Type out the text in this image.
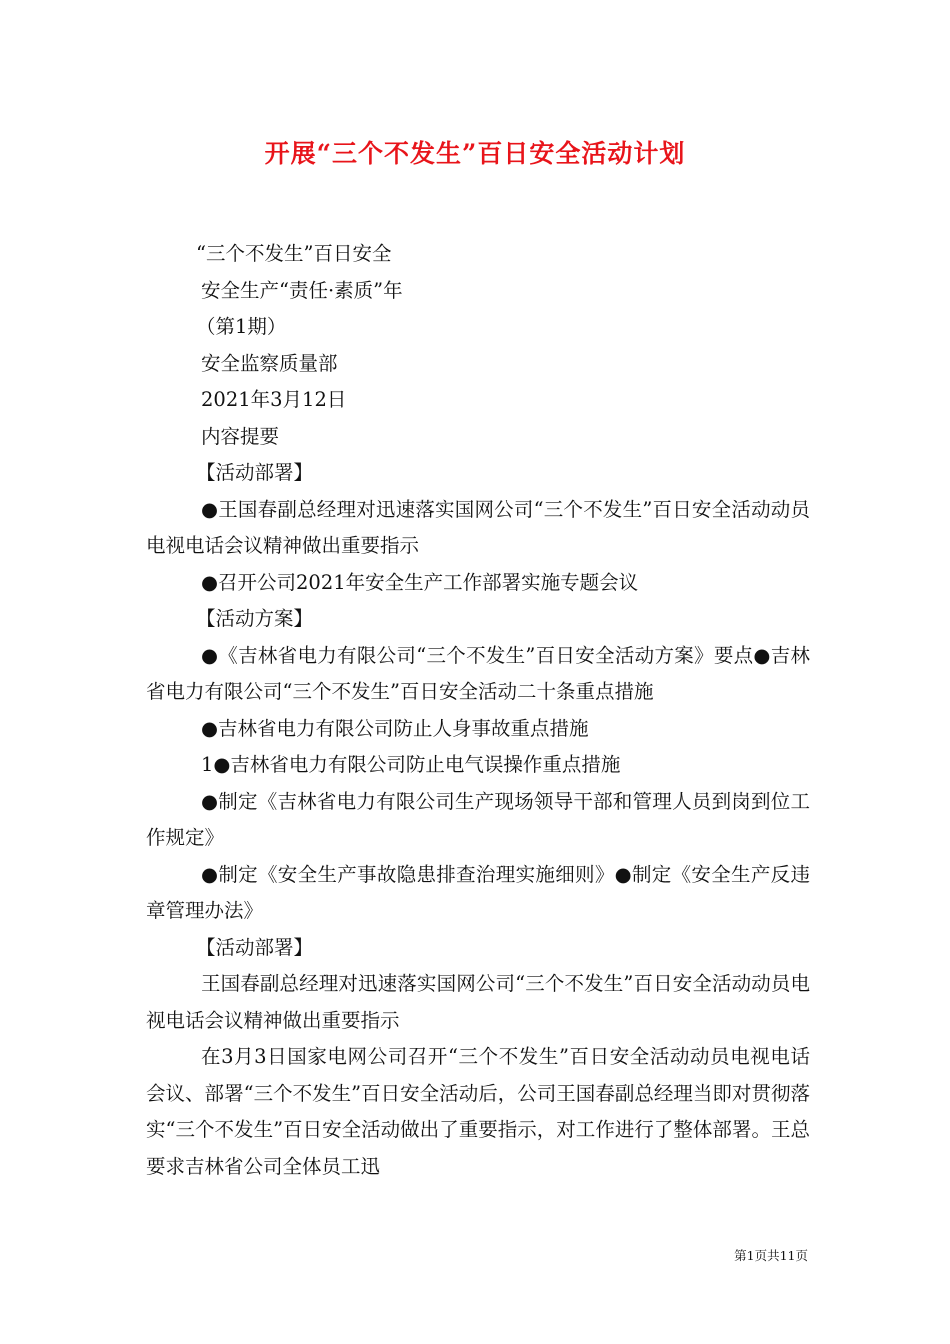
开展“三个不发生”百日安全活动计划

“三个不发生”百日安全

安全生产“责任·素质”年

（第1期）

安全监察质量部

2021年3月12日

内容提要

【活动部署】

●王国春副总经理对迅速落实国网公司“三个不发生”百日安全活动动员电视电话会议精神做出重要指示

●召开公司2021年安全生产工作部署实施专题会议

【活动方案】

●《吉林省电力有限公司“三个不发生”百日安全活动方案》要点●吉林省电力有限公司“三个不发生”百日安全活动二十条重点措施

●吉林省电力有限公司防止人身事故重点措施

1●吉林省电力有限公司防止电气误操作重点措施

●制定《吉林省电力有限公司生产现场领导干部和管理人员到岗到位工作规定》

●制定《安全生产事故隐患排查治理实施细则》●制定《安全生产反违章管理办法》

【活动部署】

王国春副总经理对迅速落实国网公司“三个不发生”百日安全活动动员电视电话会议精神做出重要指示

在3月3日国家电网公司召开“三个不发生”百日安全活动动员电视电话会议、部署“三个不发生”百日安全活动后，公司王国春副总经理当即对贯彻落实“三个不发生”百日安全活动做出了重要指示，对工作进行了整体部署。王总要求吉林省公司全体员工迅

第1页共11页
